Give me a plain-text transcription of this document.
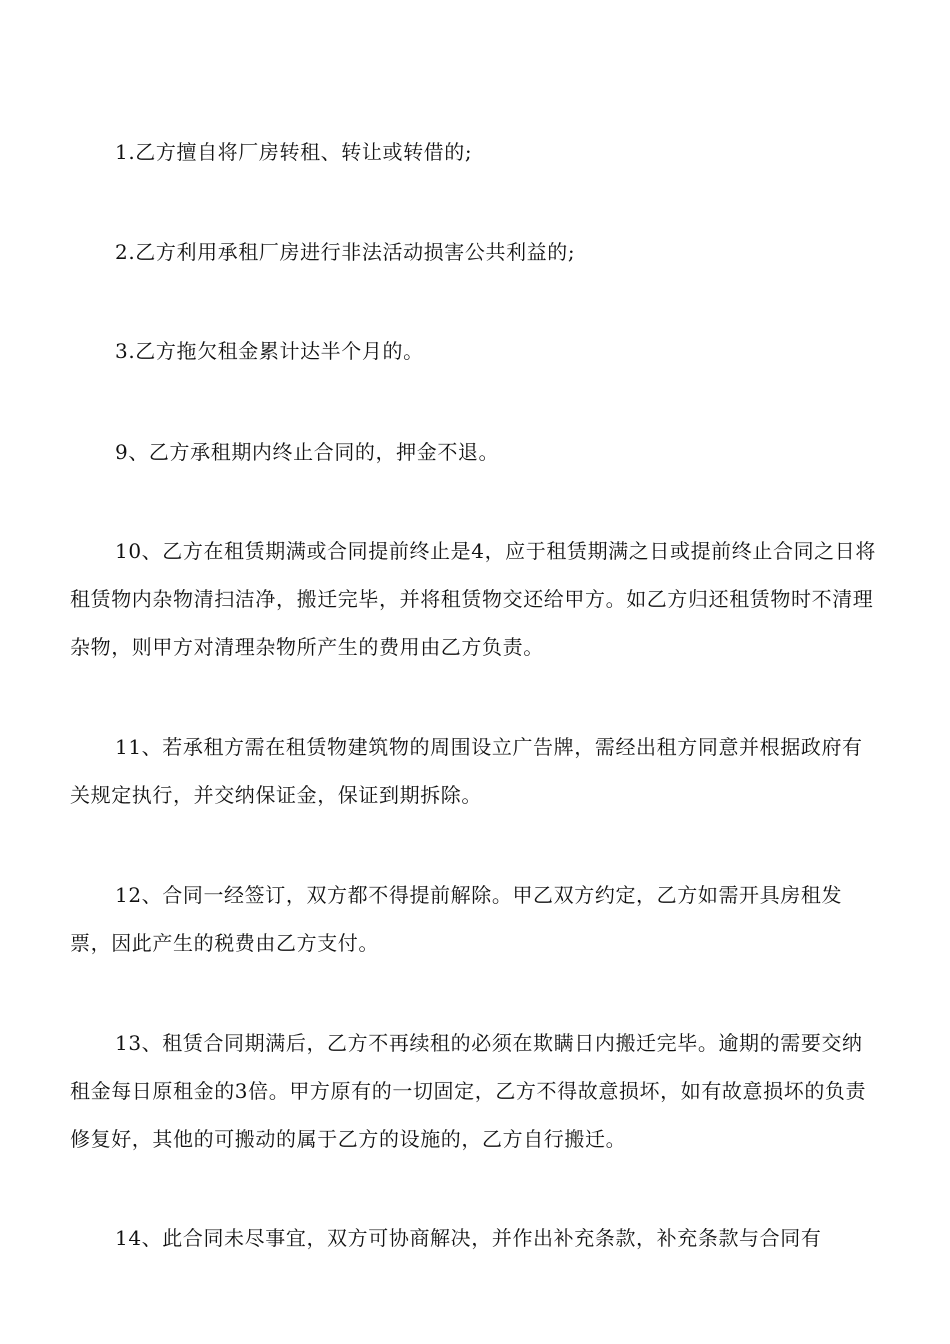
1.乙方擅自将厂房转租、转让或转借的;

2.乙方利用承租厂房进行非法活动损害公共利益的;

3.乙方拖欠租金累计达半个月的。

9、乙方承租期内终止合同的，押金不退。

10、乙方在租赁期满或合同提前终止是4，应于租赁期满之日或提前终止合同之日将租赁物内杂物清扫洁净，搬迁完毕，并将租赁物交还给甲方。如乙方归还租赁物时不清理杂物，则甲方对清理杂物所产生的费用由乙方负责。

11、若承租方需在租赁物建筑物的周围设立广告牌，需经出租方同意并根据政府有关规定执行，并交纳保证金，保证到期拆除。

12、合同一经签订，双方都不得提前解除。甲乙双方约定，乙方如需开具房租发票，因此产生的税费由乙方支付。

13、租赁合同期满后，乙方不再续租的必须在欺瞒日内搬迁完毕。逾期的需要交纳租金每日原租金的3倍。甲方原有的一切固定，乙方不得故意损坏，如有故意损坏的负责修复好，其他的可搬动的属于乙方的设施的，乙方自行搬迁。

14、此合同未尽事宜，双方可协商解决，并作出补充条款，补充条款与合同有
